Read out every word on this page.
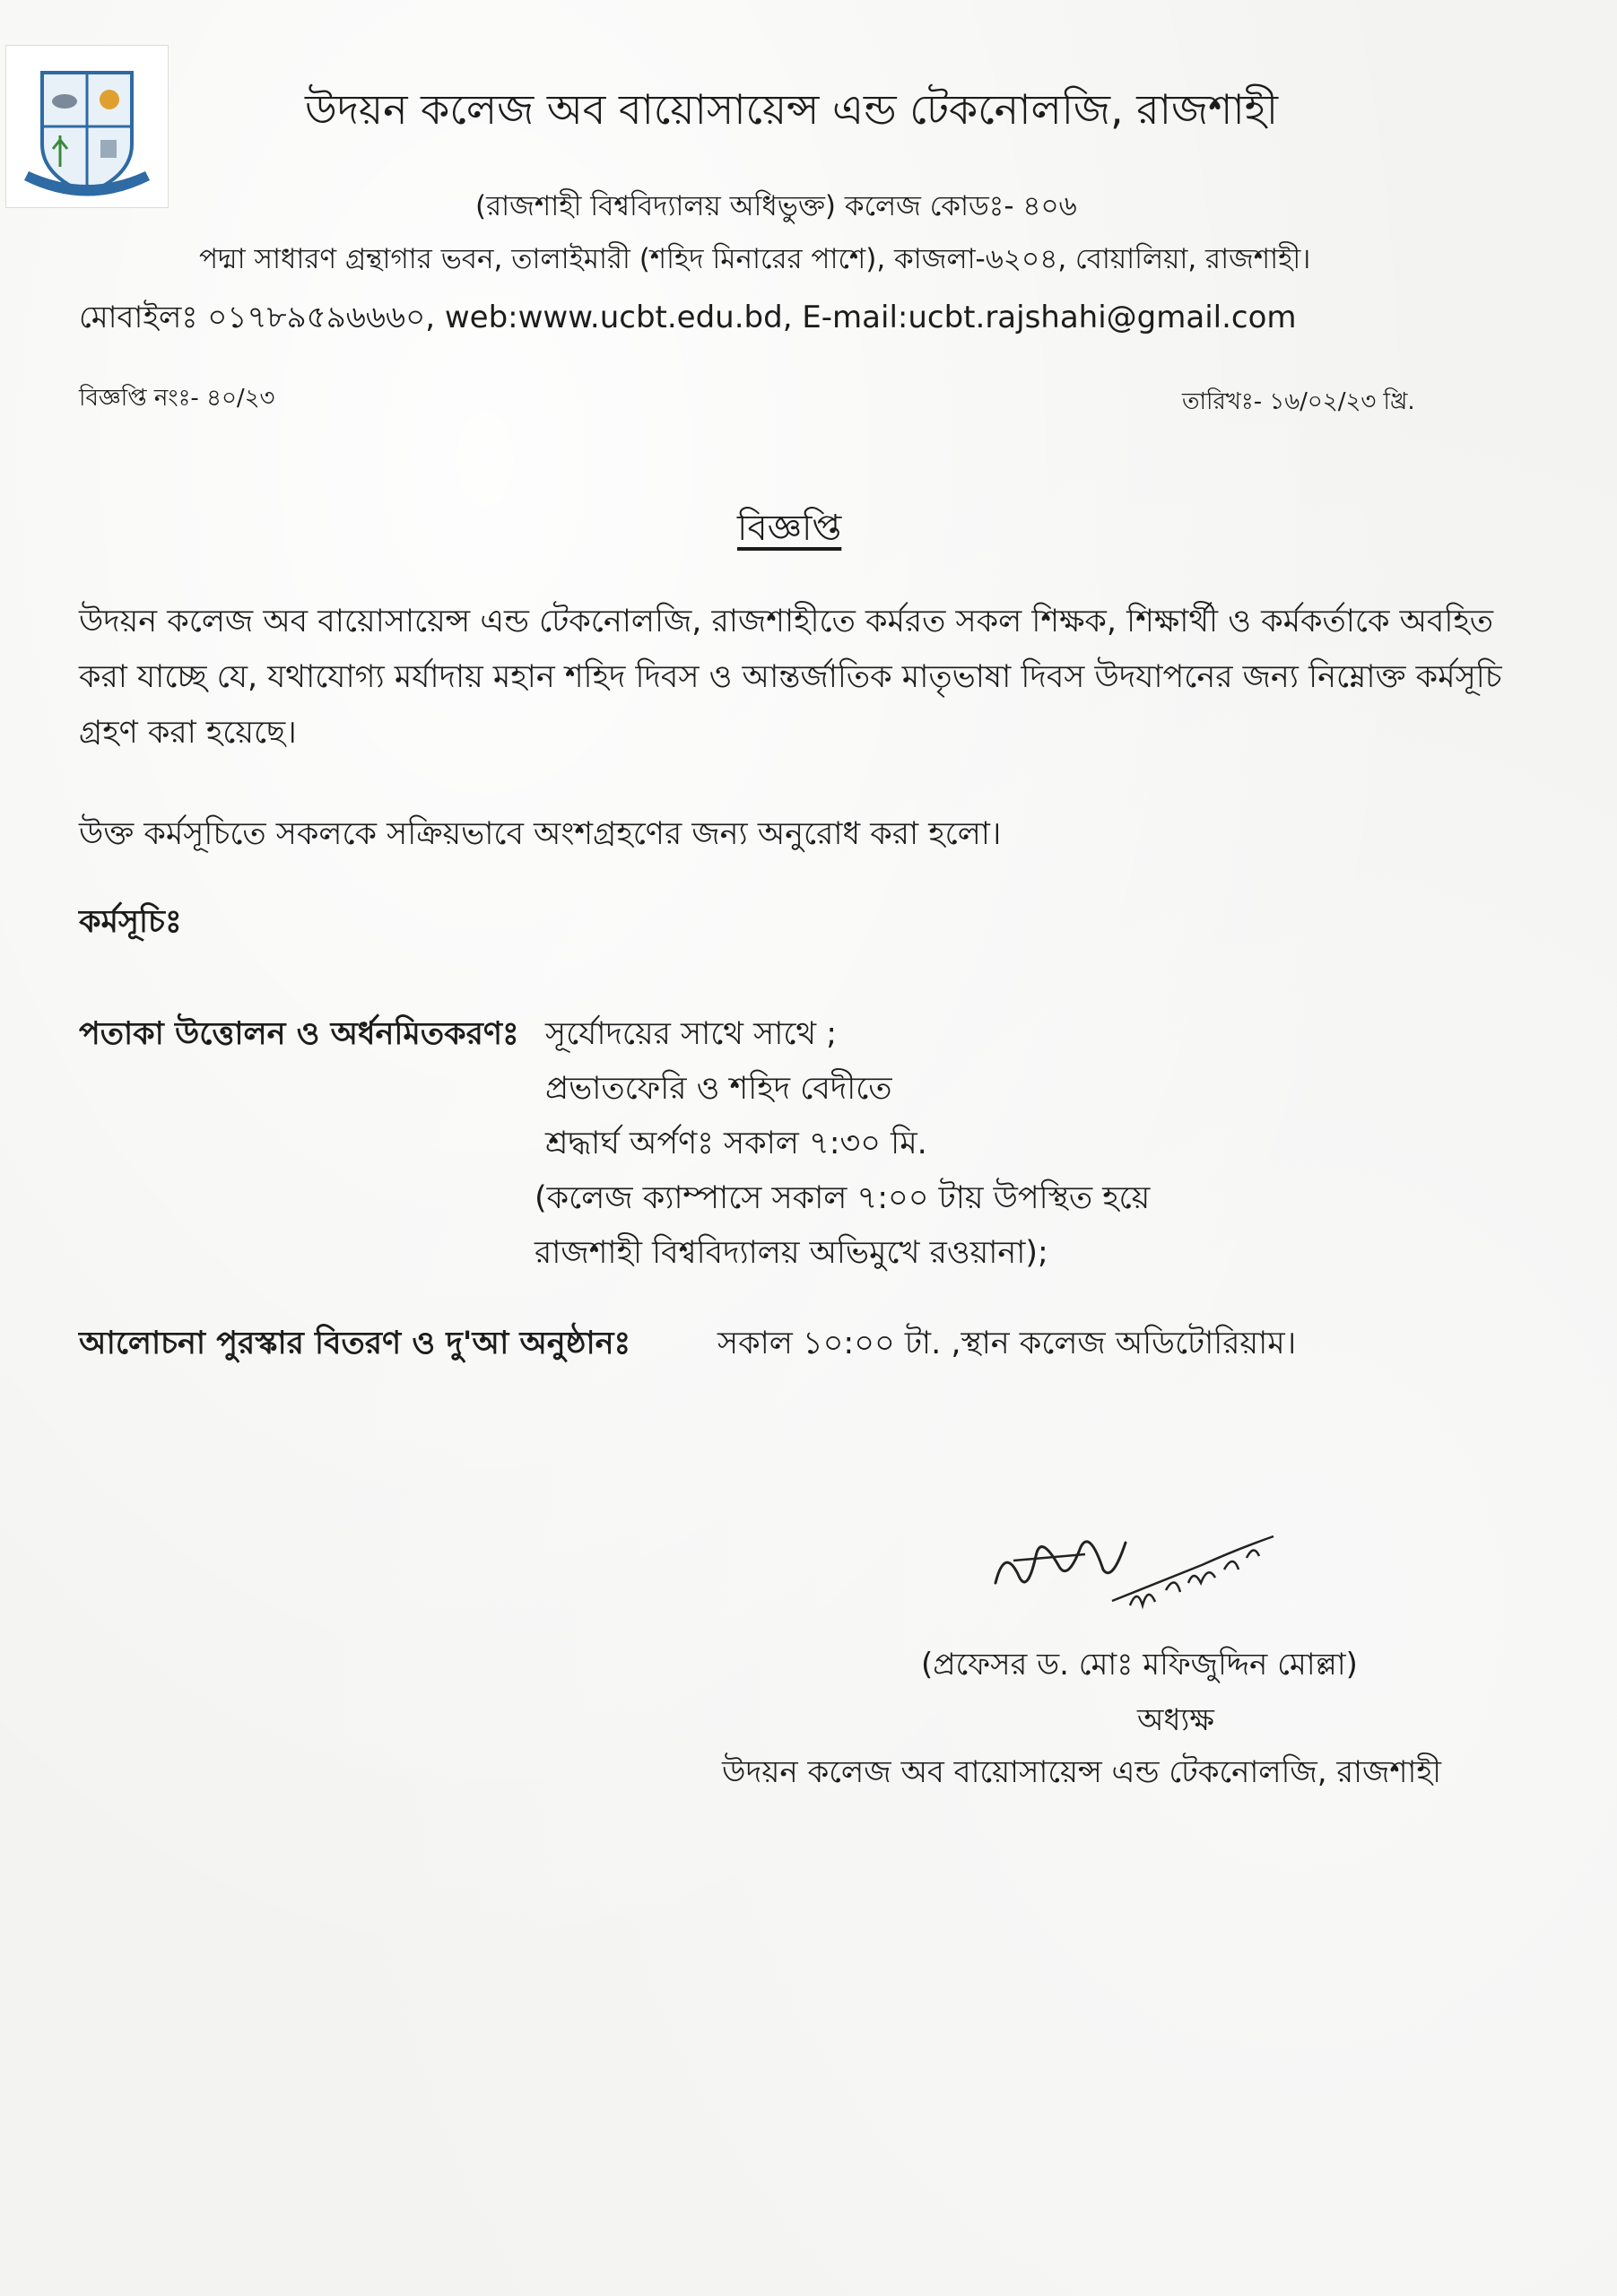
উদয়ন কলেজ অব বায়োসায়েন্স এন্ড টেকনোলজি, রাজশাহী
(রাজশাহী বিশ্ববিদ্যালয় অধিভুক্ত) কলেজ কোডঃ- ৪০৬
পদ্মা সাধারণ গ্রন্থাগার ভবন, তালাইমারী (শহিদ মিনারের পাশে), কাজলা-৬২০৪, বোয়ালিয়া, রাজশাহী।
মোবাইলঃ ০১৭৮৯৫৯৬৬৬০, web:www.ucbt.edu.bd, E-mail:ucbt.rajshahi@gmail.com
বিজ্ঞপ্তি নংঃ- ৪০/২৩	তারিখঃ- ১৬/০২/২৩ খ্রি.
বিজ্ঞপ্তি
উদয়ন কলেজ অব বায়োসায়েন্স এন্ড টেকনোলজি, রাজশাহীতে কর্মরত সকল শিক্ষক, শিক্ষার্থী ও কর্মকর্তাকে অবহিত করা যাচ্ছে যে, যথাযোগ্য মর্যাদায় মহান শহিদ দিবস ও আন্তর্জাতিক মাতৃভাষা দিবস উদযাপনের জন্য নিম্নোক্ত কর্মসূচি গ্রহণ করা হয়েছে।
উক্ত কর্মসূচিতে সকলকে সক্রিয়ভাবে অংশগ্রহণের জন্য অনুরোধ করা হলো।
কর্মসূচিঃ
পতাকা উত্তোলন ও অর্ধনমিতকরণঃ সূর্যোদয়ের সাথে সাথে ;
প্রভাতফেরি ও শহিদ বেদীতে
শ্রদ্ধার্ঘ অর্পণঃ সকাল ৭:৩০ মি.
(কলেজ ক্যাম্পাসে সকাল ৭:০০ টায় উপস্থিত হয়ে
রাজশাহী বিশ্ববিদ্যালয় অভিমুখে রওয়ানা);
আলোচনা পুরস্কার বিতরণ ও দু'আ অনুষ্ঠানঃ	সকাল ১০:০০ টা. ,স্থান কলেজ অডিটোরিয়াম।
(প্রফেসর ড. মোঃ মফিজুদ্দিন মোল্লা)
অধ্যক্ষ
উদয়ন কলেজ অব বায়োসায়েন্স এন্ড টেকনোলজি, রাজশাহী
